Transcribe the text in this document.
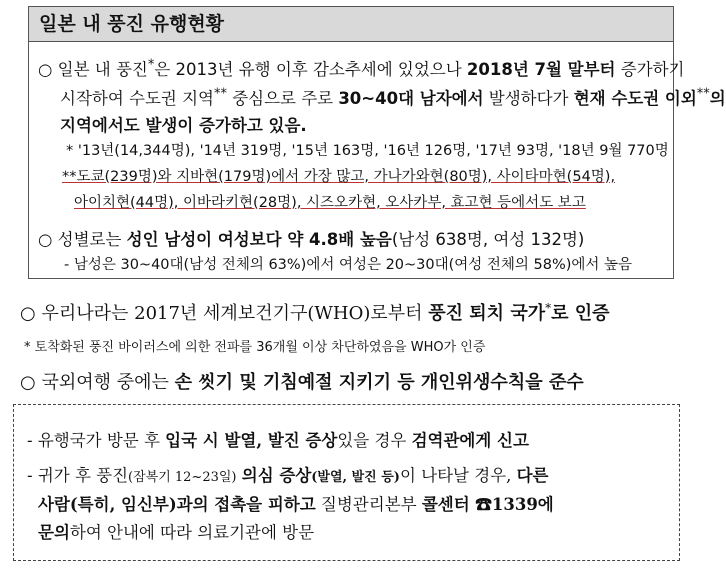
일본 내 풍진 유행현황
○ 일본 내 풍진*은 2013년 유행 이후 감소추세에 있었으나 2018년 7월 말부터 증가하기
시작하여 수도권 지역** 중심으로 주로 30~40대 남자에서 발생하다가 현재 수도권 이외**의
지역에서도 발생이 증가하고 있음.
* '13년(14,344명), '14년 319명, '15년 163명, '16년 126명, '17년 93명, '18년 9월 770명
**도쿄(239명)와 지바현(179명)에서 가장 많고, 가나가와현(80명), 사이타마현(54명),
아이치현(44명), 이바라키현(28명), 시즈오카현, 오사카부, 효고현 등에서도 보고
○ 성별로는 성인 남성이 여성보다 약 4.8배 높음(남성 638명, 여성 132명)
- 남성은 30~40대(남성 전체의 63%)에서 여성은 20~30대(여성 전체의 58%)에서 높음
○ 우리나라는 2017년 세계보건기구(WHO)로부터 풍진 퇴치 국가*로 인증
* 토착화된 풍진 바이러스에 의한 전파를 36개월 이상 차단하였음을 WHO가 인증
○ 국외여행 중에는 손 씻기 및 기침예절 지키기 등 개인위생수칙을 준수
- 유행국가 방문 후 입국 시 발열, 발진 증상있을 경우 검역관에게 신고
- 귀가 후 풍진(잠복기 12~23일) 의심 증상(발열, 발진 등)이 나타날 경우, 다른
사람(특히, 임신부)과의 접촉을 피하고 질병관리본부 콜센터 ☎1339에
문의하여 안내에 따라 의료기관에 방문
